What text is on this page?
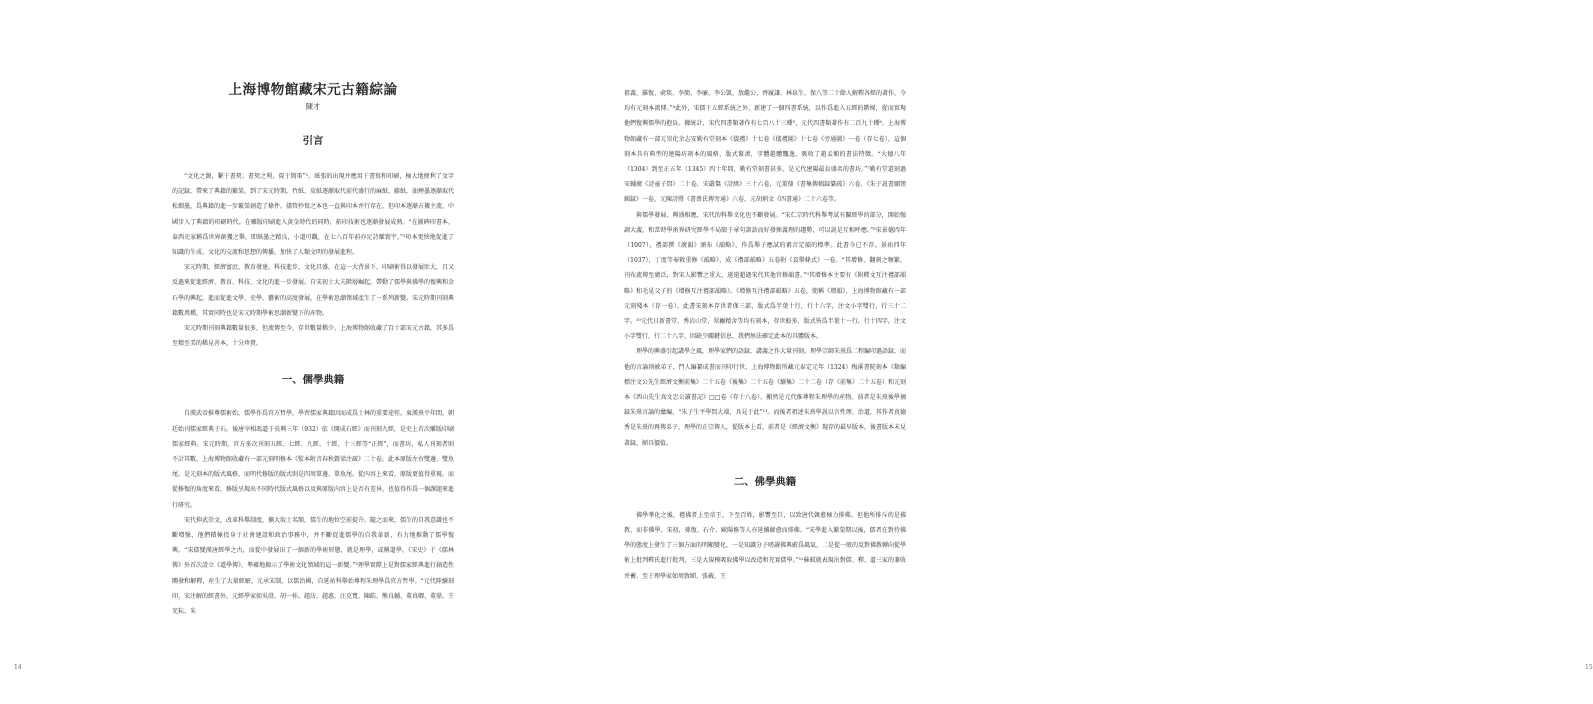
上海博物館藏宋元古籍綜論
陳才
引言

“文化之源，繫于書契；書契之利，資于簡策”¹。紙張的出現并應用于書寫和印刷，極大地便利了文字的記録，帶來了典籍的繁榮。到了宋元時期，竹紙、皮紙逐漸取代前代盛行的麻紙、藤紙，油煙墨逐漸取代松烟墨，爲典籍的進一步繁榮創造了條件。儘管抄寫之本也一直與印本并行存在，但印本逐漸占據主流，中國步入了典籍的印刷時代。在雕版印刷進入黄金時代的同時，拓印技術也逐漸發展成熟。“在圖碑印書本，泰西史家稱爲世界創獲之舉，即紙墨之精良，小道可觀，在七八百年前亦足詩耀寰宇。”²印本更快地促進了知識的生成、文化的交流和思想的傳播，加快了人類文明的發展進程。

宋元時期，經濟富庶，教育發達，科技進步，文化昌盛。在這一大背景下，印刷術得以發展壯大，且又反過來促進經濟、教育、科技、文化的進一步發展。自宋初士大夫階層崛起，帶動了儒學與佛學的復興和金石學的興起，進而促進文學、史學、藝術的高度發展，在學術思潮領域產生了一系列新變。宋元時期刊刻典籍數萬種，其實同時也是宋元時期學術思潮新變下的産物。

宋元時期刊刻典籍數量很多，但流傳至今，存世數量稀少。上海博物館收藏了百十部宋元古籍，其多爲至精至美的稀見善本，十分珍貴。

一、儒學典籍

自漢武帝推尊儒術始，儒學作爲官方哲學，學習儒家典籍因而成爲士林的重要途徑。東漢熹平年間，朝廷始刊儒家經典于石。後唐宰相馮道于長興三年（932）依《開成石經》而刊刻九經，是史上首次雕版印刷儒家經典。宋元時期，官方多次刊刻五經、七經、九經、十經、十三經等“正經”，而書坊、私人刊刻者則不計其數。上海博物館收藏有一部元刻明修本《監本附音春秋穀梁注疏》二十卷。此本原版左右雙邊、雙魚尾，是元刻本的版式風格，而明代修版的版式則是四周單邊、單魚尾。從內容上來看，原版更值得重視。而從修復的角度來看，修版呈現出不同時代版式風格以及與原版內容上是否有差异，也值得作爲一個課題來進行研究。

宋代抑武崇文，改革科舉制度，擴大取士名額，儒生的地位空前提升。隨之而來，儒生的自我意識也不斷增强，他們積極投身于社會建設和政治事務中，并不斷促進儒學的自我革新，有力地推動了儒學復興。“宋儒變漢唐經學之古，而從中發展出了一個新的學術形態，就是理學，或稱道學。《宋史》于《儒林傳》外首次設立《道學傳》，準確地揭示了學術文化領域的這一新變。”³理學實際上是對儒家經典進行創造性闡發和解釋，産生了大量經解。元承宋制，以儒治國，自延祐科舉始尊程朱理學爲官方哲學。“元代陸續刻印，宋注解的經書外，元經學家如吳澄、胡一桂、趙汸、趙惠、汪克寬、陳皓、熊良輔、董真卿、董鼎、王充耘、朱

14

祖義、羅復、俞琰、李簡、李廉、李公凱、敖繼公、齊履謙、林泉生、保八等二十餘人解釋各經的著作，今均有元刻本流傳。”⁴此外，宋儒于五經系統之外，新建了一個四書系統，以作爲進入五經的階梯，從而實現他們復興儒學的抱負。據統計，宋代四書類著作有七百八十三種⁵，元代四書類著作有二百九十種⁶。上海博物館藏有一部元崇化余志安勤有堂刻本《儀禮》十七卷《儀禮圖》十七卷《旁通圖》一卷（存七卷），這個刻本具有典型的建陽坊刻本的風格，版式緊湊，字體趙體飄逸，吸收了趙孟頫的書法特徵。“大德八年（1304）到至正五年（1345）四十年間，勤有堂刻書甚多，是元代建陽最負盛名的書坊。”⁷勤有堂還刻過宋輔廣《詩童子問》二十卷，宋嚴粲《詩緝》三十六卷，元董鼎《書集傳輯録纂疏》六卷、《朱子説書綱領輯録》一卷，元陳詩將《書蔡氏傳旁通》六卷，元胡炳文《四書通》二十六卷等。

與儒學發展、興盛相應，宋代的科舉文化也不斷發展。“宋仁宗時代科舉考試有關經學的部分，開始强調大義，和當時學術界研究經學不局限于章句訓詁而好發揮義理的趨勢，可以説是互相呼應。”⁸宋景德四年（1007），禮部撰《廣韻》頒布《韻略》，作爲舉子應試的審音定韻的標準。此書今已不存。景祐四年（1037），丁度等奉敕重修《韻略》，成《禮部韻略》五卷附《貢舉條式》一卷。“其增修、翻刻之頻繁，刊布流傳至廣泛，對宋人影響之重大，遠遠超過宋代其他官修韻書。”⁹其增修本主要有《附釋文互注禮部韻略》和毛晃父子的《增修互注禮部韻略》。《增修互注禮部韻略》五卷，簡稱《增韻》，上海博物館藏有一部元刻殘本（存一卷）。此書宋刻本存世者僅三部，版式爲半葉十行，行十六字，注文小字雙行，行三十二字。¹⁰元代日新書堂、秀岩山堂、翠巖精舍等均有刻本，存世較多，版式皆爲半葉十一行，行十四字，注文小字雙行，行二十八字，因缺少關鍵信息，我們無法確定此本的具體版本。

理學的興盛引起講學之風，理學家們的語録、講義之作大量刊刻。理學宗師朱熹爲二程編印過語録，而他的言論則被弟子、門人編纂成書而刊印行世，上海博物館所藏元泰定元年（1324）梅溪書院刻本《類編標注文公先生經濟文衡前集》二十五卷《後集》二十五卷《續集》二十二卷（存《前集》二十五卷）和元刻本《西山先生真文忠公讀書記》□□卷（存十八卷），顯然是元代推尊程朱理學的産物。前者是朱熹後學摘録朱熹言論的彙編，“朱子生平學問大端，具見于此”¹¹。而後者祖述朱熹學説以言性理、治道，其作者真德秀是朱熹的再傳弟子、理學的正宗傳人，從版本上看，前者是《經濟文衡》現存的最早版本，後書版本未見著録，頗具價值。

二、佛學典籍

佛學華化之後，禮佛者上至帝王，下至百姓，影響至巨，以致唐代韓愈極力排佛。但他所排斥的是佛教，而非佛學。宋初，孫復、石介、歐陽修等人亦延續韓愈而排佛。“宋學進入繁榮期以後，儒者在對待佛學的態度上發生了三個方面的明顯變化，一是知識分子嗜讀佛典蔚爲風氣，二是從一般的反對佛教轉向從學術上批判釋氏進行批判，三是大規模吸取佛學以改造和充實儒學。”¹²蘇軾就表現出對儒、釋、道三家的兼收并蓄。至于理學家如周敦頤、張載、王

15
